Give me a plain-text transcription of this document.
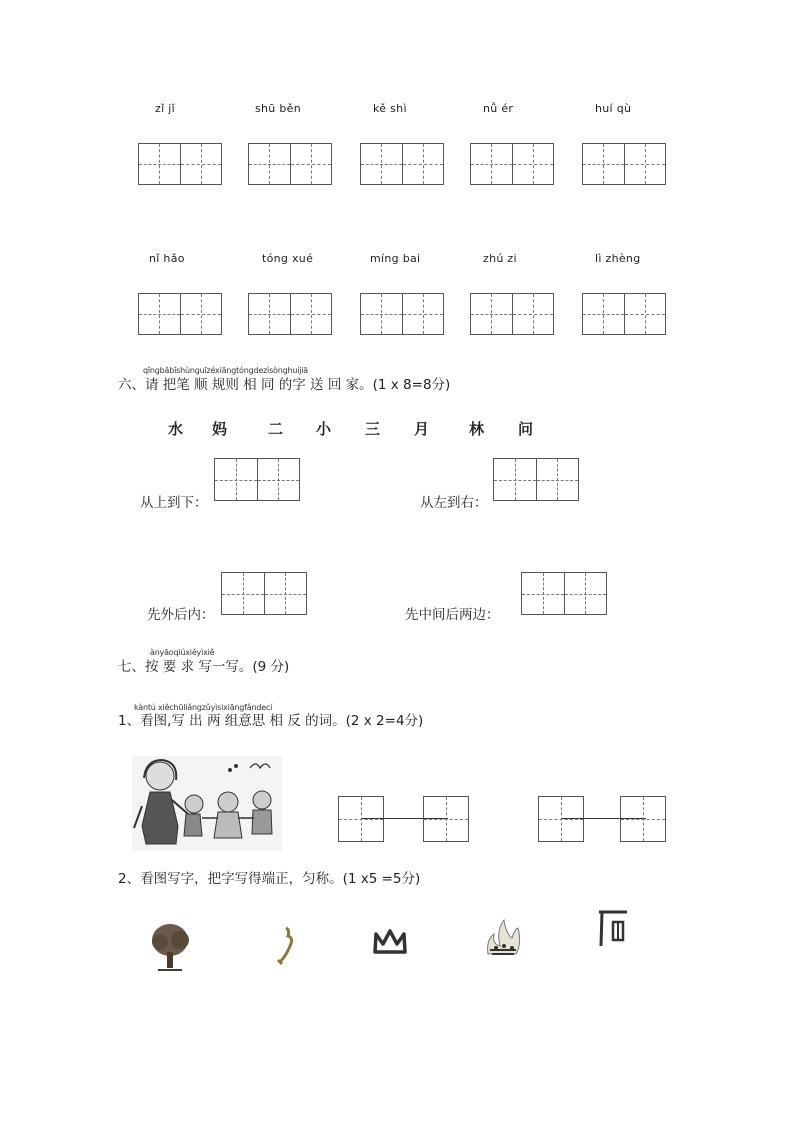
zǐ jǐ	shū běn	kě shì	nǚ ér	huí qù
nǐ hǎo	tóng xué	míng bai	zhú zi	lì zhèng
qǐngbǎbǐshùnguīzéxiāngtóngdezìsònghuíjiā
六、请 把笔 顺 规则 相 同 的字 送 回 家。(1 x 8=8分)
水 妈	二 小 三 月	林 问
从上到下：	从左到右：
先外后内：	先中间后两边：
ànyāoqiúxiěyìxiě
七、按 要 求 写一写。(9 分)
kàntú xiěchūliǎngzǔyìsixiāngfǎndecí
1、看图,写 出 两 组意思 相 反 的词。(2 x 2=4分)
2、看图写字，把字写得端正，匀称。(1 x5 =5分)
